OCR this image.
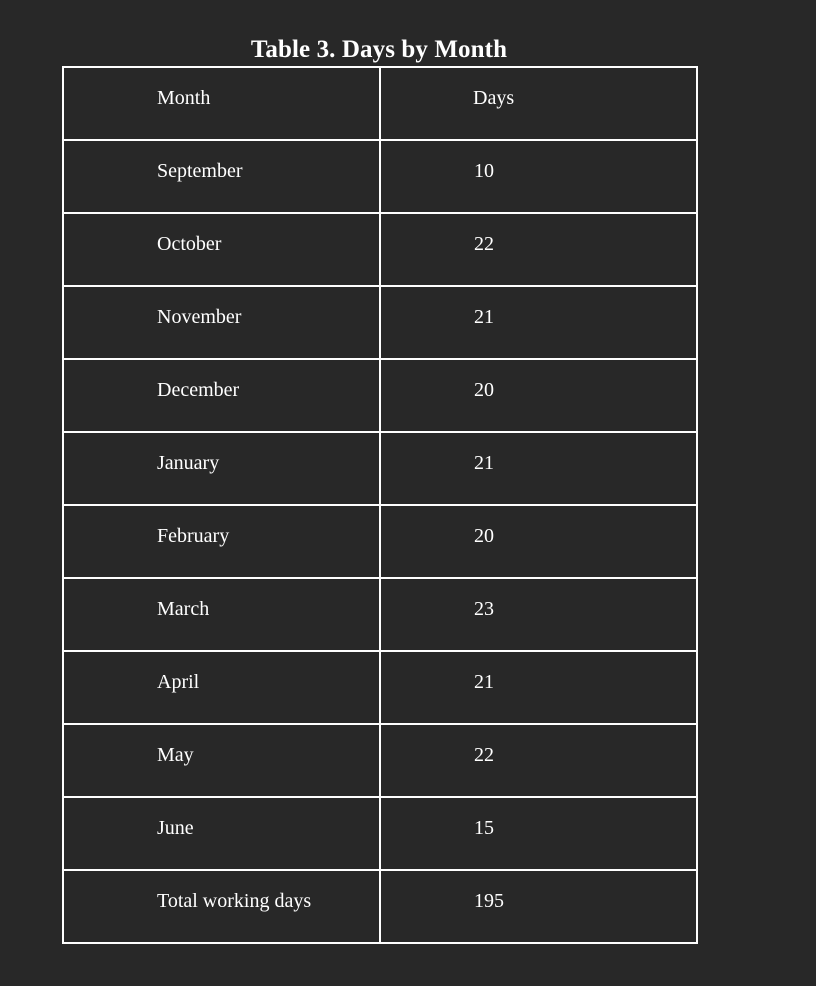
Table 3. Days by Month
Month	Days

September	10

October	22

November	21

December	20

January	21

February	20

March	23

April	21

May	22

June	15

Total working days	195
